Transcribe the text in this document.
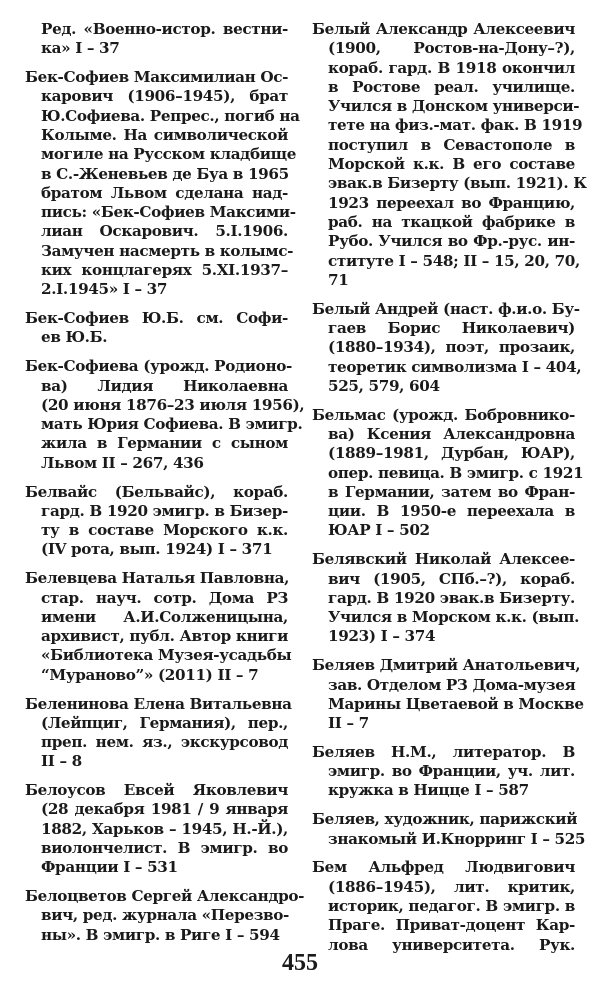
Ред. «Военно-истор. вестни-
ка» I – 37
Бек-Софиев Максимилиан Ос-
карович (1906–1945), брат
Ю.Софиева. Репрес., погиб на
Колыме. На символической
могиле на Русском кладбище
в С.-Женевьев де Буа в 1965
братом Львом сделана над-
пись: «Бек-Софиев Максими-
лиан Оскарович. 5.I.1906.
Замучен насмерть в колымс-
ких концлагерях 5.XI.1937–
2.I.1945» I – 37
Бек-Софиев Ю.Б. см. Софи-
ев Ю.Б.
Бек-Софиева (урожд. Родионо-
ва) Лидия Николаевна
(20 июня 1876–23 июля 1956),
мать Юрия Софиева. В эмигр.
жила в Германии с сыном
Львом II – 267, 436
Белвайс (Бельвайс), кораб.
гард. В 1920 эмигр. в Бизер-
ту в составе Морского к.к.
(IV рота, вып. 1924) I – 371
Белевцева Наталья Павловна,
стар. науч. сотр. Дома РЗ
имени А.И.Солженицына,
архивист, публ. Автор книги
«Библиотека Музея-усадьбы
“Мураново”» (2011) II – 7
Беленинова Елена Витальевна
(Лейпциг, Германия), пер.,
преп. нем. яз., экскурсовод
II – 8
Белоусов Евсей Яковлевич
(28 декабря 1981 / 9 января
1882, Харьков – 1945, Н.-Й.),
виолончелист. В эмигр. во
Франции I – 531
Белоцветов Сергей Александро-
вич, ред. журнала «Перезво-
ны». В эмигр. в Риге I – 594
Белый Александр Алексеевич
(1900, Ростов-на-Дону–?),
кораб. гард. В 1918 окончил
в Ростове реал. училище.
Учился в Донском универси-
тете на физ.-мат. фак. В 1919
поступил в Севастополе в
Морской к.к. В его составе
эвак.в Бизерту (вып. 1921). К
1923 переехал во Францию,
раб. на ткацкой фабрике в
Рубо. Учился во Фр.-рус. ин-
ституте I – 548; II – 15, 20, 70,
71
Белый Андрей (наст. ф.и.о. Бу-
гаев Борис Николаевич)
(1880–1934), поэт, прозаик,
теоретик символизма I – 404,
525, 579, 604
Бельмас (урожд. Бобровнико-
ва) Ксения Александровна
(1889–1981, Дурбан, ЮАР),
опер. певица. В эмигр. с 1921
в Германии, затем во Фран-
ции. В 1950-е переехала в
ЮАР I – 502
Белявский Николай Алексее-
вич (1905, СПб.–?), кораб.
гард. В 1920 эвак.в Бизерту.
Учился в Морском к.к. (вып.
1923) I – 374
Беляев Дмитрий Анатольевич,
зав. Отделом РЗ Дома-музея
Марины Цветаевой в Москве
II – 7
Беляев Н.М., литератор. В
эмигр. во Франции, уч. лит.
кружка в Ницце I – 587
Беляев, художник, парижский
знакомый И.Кнорринг I – 525
Бем Альфред Людвигович
(1886–1945), лит. критик,
историк, педагог. В эмигр. в
Праге. Приват-доцент Кар-
лова университета. Рук.
455
